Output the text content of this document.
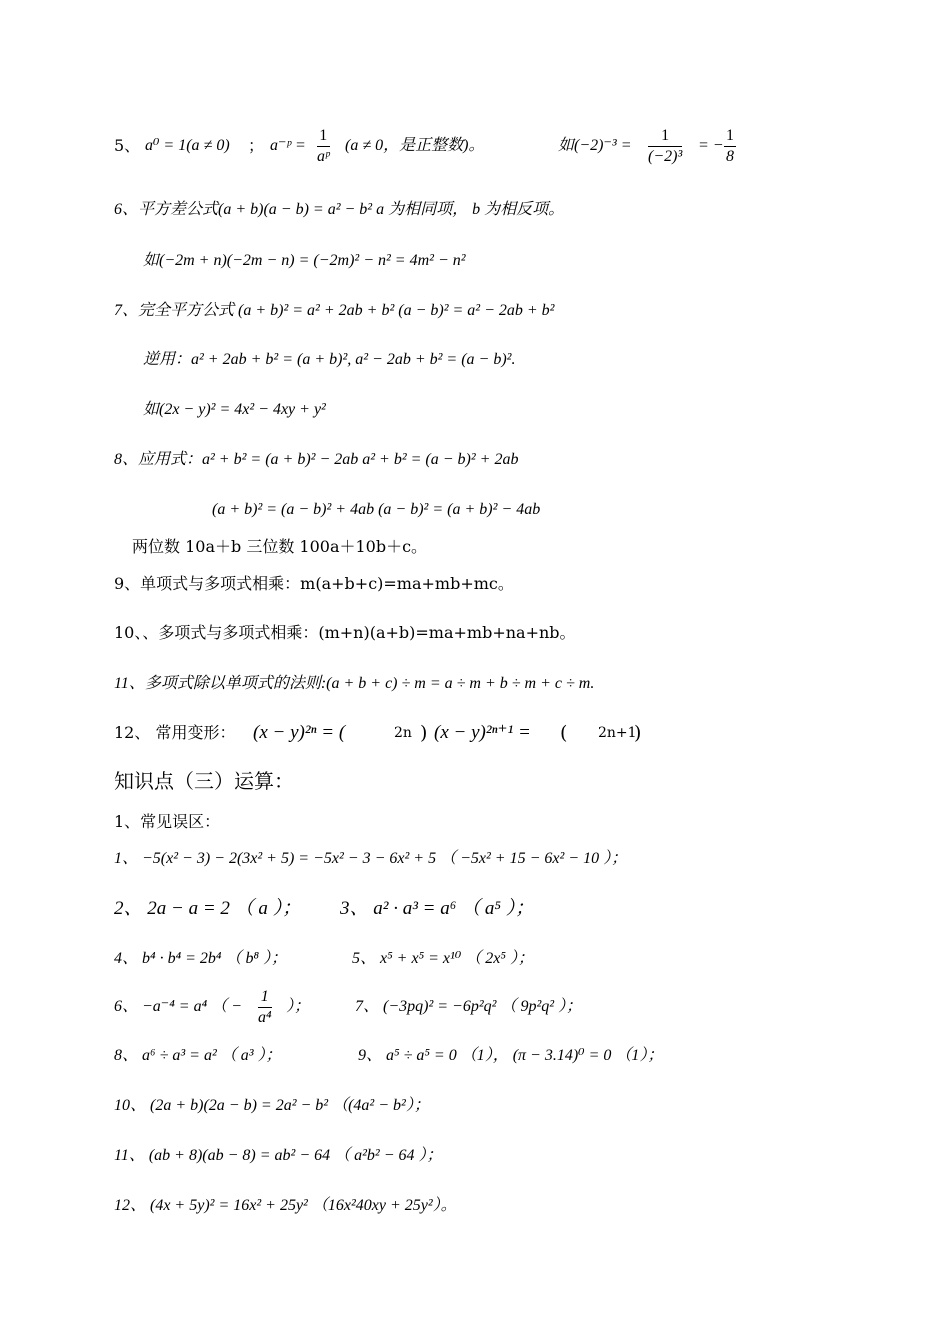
5、 a⁰ = 1(a ≠ 0) ； a⁻ᵖ = $\frac{1}{\text{aᵖ}} (a \ne 0$，是正整数)。	如$(-2)^{-3} = \frac{1}{\text{(−2)³}}$ = − $\frac{1}{8}$
6、平方差公式(a + b)(a − b) = a² − b² a 为相同项， b 为相反项。
如(−2m + n)(−2m − n) = (−2m)² − n² = 4m² − n²
7、完全平方公式 (a + b)² = a² + 2ab + b² (a − b)² = a² − 2ab + b²
逆用：a² + 2ab + b² = (a + b)², a² − 2ab + b² = (a − b)².
如(2x − y)² = 4x² − 4xy + y²
8、应用式：a² + b² = (a + b)² − 2ab a² + b² = (a − b)² + 2ab
(a + b)² = (a − b)² + 4ab (a − b)² = (a + b)² − 4ab
两位数 10a＋b 三位数 100a＋10b＋c。
9、单项式与多项式相乘：m(a+b+c)=ma+mb+mc。
10、、多项式与多项式相乘：(m+n)(a+b)=ma+mb+na+nb。
11、多项式除以单项式的法则:(a + b + c) ÷ m = a ÷ m + b ÷ m + c ÷ m.
12、 常用变形： (x − y)²ⁿ = (	2n ) (x − y)²ⁿ⁺¹ = ( 2n+1
)
知识点（三）运算：
1、常见误区：
1、 −5(x² − 3) − 2(3x² + 5) = −5x² − 3 − 6x² + 5 （ −5x² + 15 − 6x² − 10 ）；
2、 2a − a = 2 （ a ）； 3、 a² · a³ = a⁶ （ a⁵ ）；
4、 b⁴ · b⁴ = 2b⁴ （ b⁸ ）；	5、 x⁵ + x⁵ = x¹⁰ （ 2x⁵ ）；
6、 −a⁻⁴ = a⁴ （ − $\frac{1}{\text{a⁴}}$ ）；	7、 (−3pq)² = −6p²q² （ 9p²q² ）；
8、 a⁶ ÷ a³ = a² （ a³ ）；	9、 a⁵ ÷ a⁵ = 0 （1）， (π − 3.14)⁰ = 0 （1）；
10、 (2a + b)(2a − b) = 2a² − b² （(4a² − b²）；
11、 (ab + 8)(ab − 8) = ab² − 64 （ a²b² − 64 ）；
12、 (4x + 5y)² = 16x² + 25y² （16x²40xy + 25y²）。
